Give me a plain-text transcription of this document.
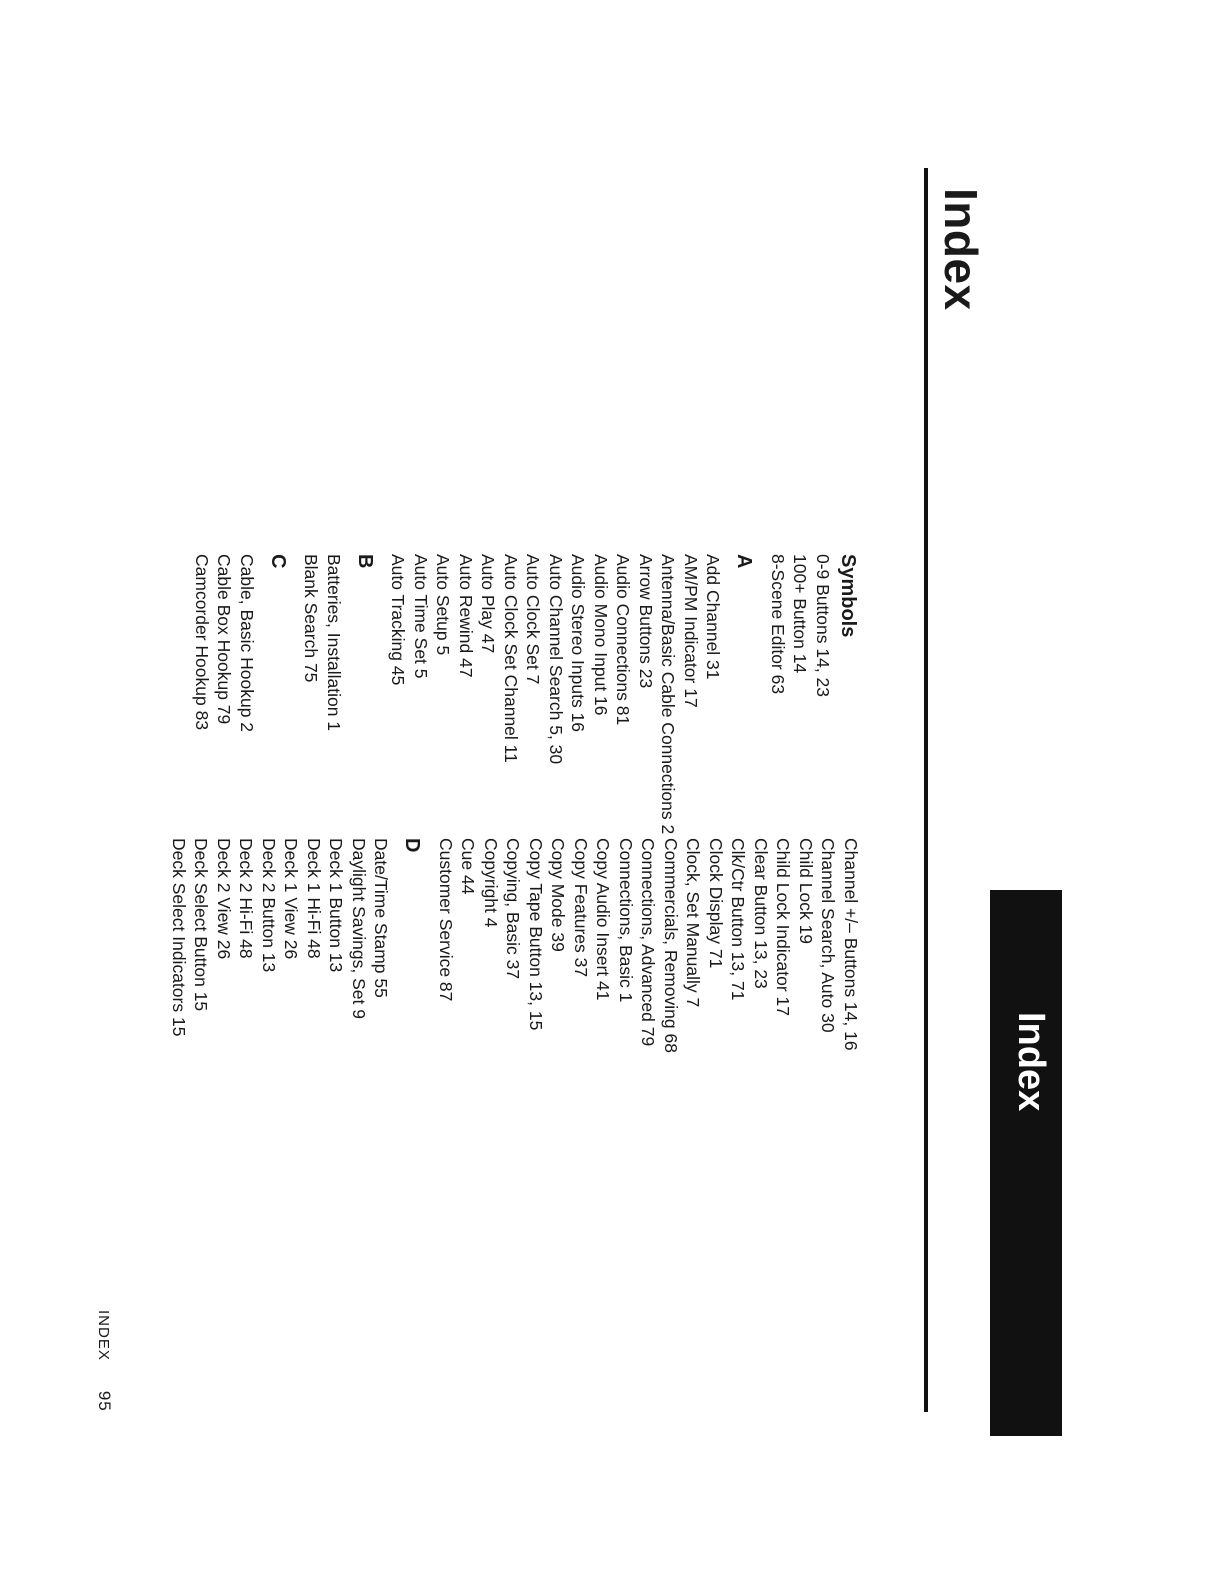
Index
Index
Symbols
0-9 Buttons 14, 23
100+ Button 14
8-Scene Editor 63
A
Add Channel 31
AM/PM Indicator 17
Antenna/Basic Cable Connections 2
Arrow Buttons 23
Audio Connections 81
Audio Mono Input 16
Audio Stereo Inputs 16
Auto Channel Search 5, 30
Auto Clock Set 7
Auto Clock Set Channel 11
Auto Play 47
Auto Rewind 47
Auto Setup 5
Auto Time Set 5
Auto Tracking 45
B
Batteries, Installation 1
Blank Search 75
C
Cable, Basic Hookup 2
Cable Box Hookup 79
Camcorder Hookup 83
Channel +/– Buttons 14, 16
Channel Search, Auto 30
Child Lock 19
Child Lock Indicator 17
Clear Button 13, 23
Clk/Ctr Button 13, 71
Clock Display 71
Clock, Set Manually 7
Commercials, Removing 68
Connections, Advanced 79
Connections, Basic 1
Copy Audio Insert 41
Copy Features 37
Copy Mode 39
Copy Tape Button 13, 15
Copying, Basic 37
Copyright 4
Cue 44
Customer Service 87
D
Date/Time Stamp 55
Daylight Savings, Set 9
Deck 1 Button 13
Deck 1 Hi-Fi 48
Deck 1 View 26
Deck 2 Button 13
Deck 2 Hi-Fi 48
Deck 2 View 26
Deck Select Button 15
Deck Select Indicators 15
INDEX95
